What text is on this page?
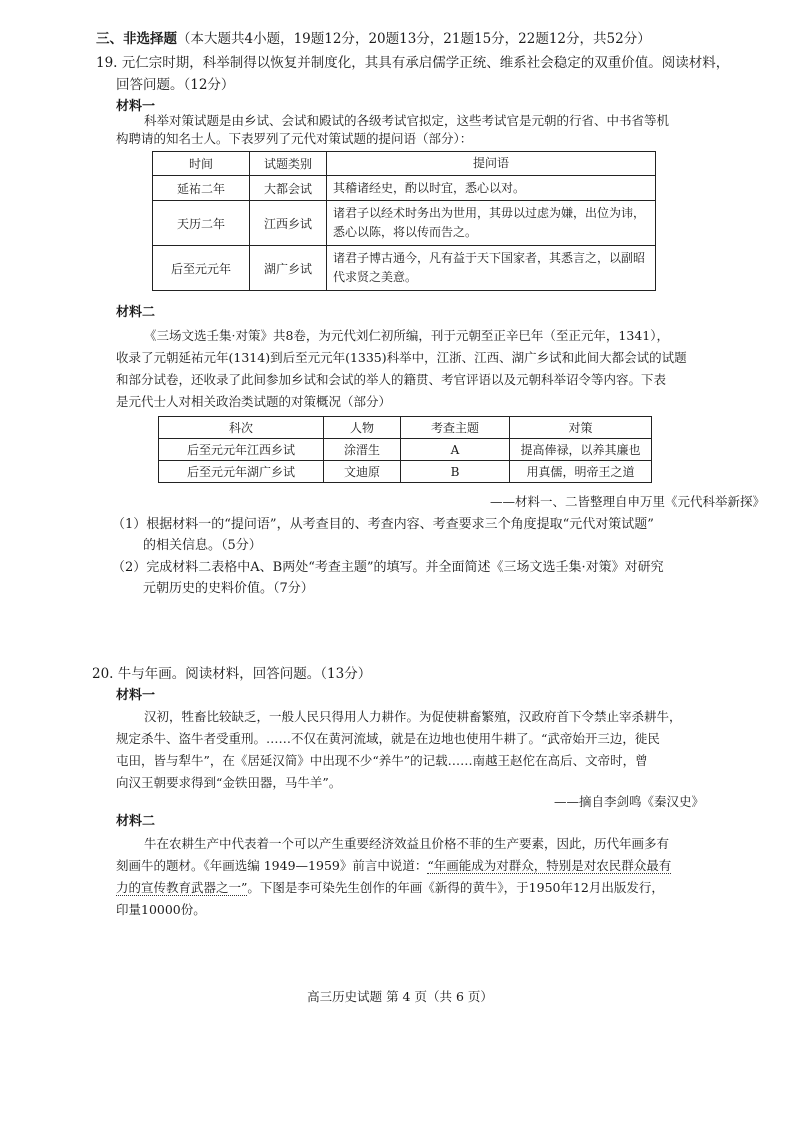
三、非选择题（本大题共4小题，19题12分，20题13分，21题15分，22题12分，共52分）
19. 元仁宗时期，科举制得以恢复并制度化，其具有承启儒学正统、维系社会稳定的双重价值。阅读材料，
回答问题。（12分）
材料一
科举对策试题是由乡试、会试和殿试的各级考试官拟定，这些考试官是元朝的行省、中书省等机
构聘请的知名士人。下表罗列了元代对策试题的提问语（部分）：
时间	试题类别	提问语
延祐二年	大都会试	其稽诸经史，酌以时宜，悉心以对。
天历二年	江西乡试	诸君子以经术时务出为世用，其毋以过虑为嫌，出位为讳，悉心以陈，将以传而告之。
后至元元年	湖广乡试	诸君子博古通今，凡有益于天下国家者，其悉言之，以副昭代求贤之美意。
材料二
《三场文选壬集·对策》共8卷，为元代刘仁初所编，刊于元朝至正辛巳年（至正元年，1341），
收录了元朝延祐元年(1314)到后至元元年(1335)科举中，江浙、江西、湖广乡试和此间大都会试的试题
和部分试卷，还收录了此间参加乡试和会试的举人的籍贯、考官评语以及元朝科举诏令等内容。下表
是元代士人对相关政治类试题的对策概况（部分）
科次	人物	考查主题	对策
后至元元年江西乡试	涂溍生	A	提高俸禄，以养其廉也
后至元元年湖广乡试	文迪原	B	用真儒，明帝王之道
——材料一、二皆整理自申万里《元代科举新探》
（1）根据材料一的“提问语”，从考查目的、考查内容、考查要求三个角度提取“元代对策试题”
的相关信息。（5分）
（2）完成材料二表格中A、B两处“考查主题”的填写。并全面简述《三场文选壬集·对策》对研究
元朝历史的史料价值。（7分）
20. 牛与年画。阅读材料，回答问题。（13分）
材料一
汉初，牲畜比较缺乏，一般人民只得用人力耕作。为促使耕畜繁殖，汉政府首下令禁止宰杀耕牛，
规定杀牛、盗牛者受重刑。……不仅在黄河流域，就是在边地也使用牛耕了。“武帝始开三边，徙民
屯田，皆与犁牛”，在《居延汉简》中出现不少“养牛”的记载……南越王赵佗在高后、文帝时，曾
向汉王朝要求得到“金铁田器，马牛羊”。
——摘自李剑鸣《秦汉史》
材料二
牛在农耕生产中代表着一个可以产生重要经济效益且价格不菲的生产要素，因此，历代年画多有
刻画牛的题材。《年画选编 1949—1959》前言中说道：“年画能成为对群众，特别是对农民群众最有
力的宣传教育武器之一”。下图是李可染先生创作的年画《新得的黄牛》，于1950年12月出版发行，
印量10000份。
高三历史试题 第 4 页（共 6 页）
